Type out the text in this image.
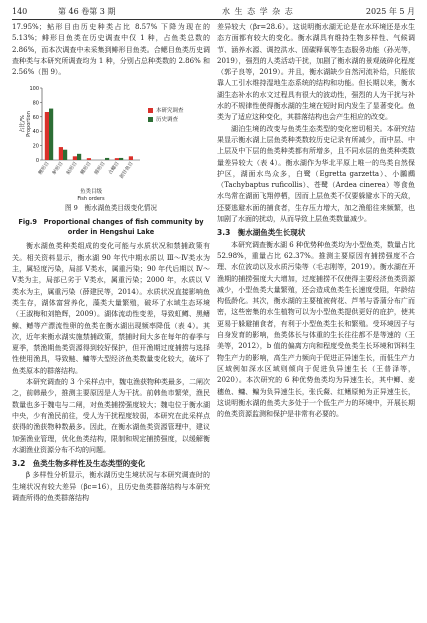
140	第 46 卷第 3 期	水 生 态 学 杂 志	2025 年 5 月

17.95%；鲇形目由历史种类占比 8.57% 下降为现在的 5.13%；鲱形目鱼类在历史调查中仅 1 种，占鱼类总数的 2.86%，而本次调查中未采集到鲱形目鱼类。合鳃目鱼类历史调查种类与本研究所调查均为 1 种，分别占总种类数的 2.86% 和 2.56%（图 9）。

0
20
40
60
80
100
占比/% Proportion
鲤形目 鲈形目 鲇形目 鳉形目 鲱形目 合鳃目
颌针鱼目
鱼类目级
Fish orders
本研究调查
历史调查
图 9　衡水湖鱼类目级变化情况
Fig.9　Proportional changes of fish community by order in Hengshui Lake

衡水湖鱼类种类组成的变化可能与水质状况和禁捕政策有关。相关资料显示，衡水湖 90 年代中期水质以 Ⅲ～Ⅳ类水为主，属轻度污染，局部 Ⅴ类水，属重污染；90 年代后期以 Ⅳ～Ⅴ类为主，局部已劣于 Ⅴ类水，属重污染；2000 年，水质以 Ⅴ类水为主，属重污染（薛建民等，2014）。水质状况直接影响鱼类生存，湖体富营养化，藻类大量繁殖，破坏了水域生态环境（王淑梅和刘艳辉，2009）。湖体流动性变差，导致虹鳟、黑鳍鳈、鳡等产漂流性卵的鱼类在衡水湖出现频率降低（表 4）。其次，近年来衡水湖实施禁捕政策，禁捕时间大多在每年的春季与夏季，禁渔期鱼类资源得到较好保护，但开渔期过度捕捞与选择性使用渔具，导致鲢、鳙等大型经济鱼类数量变化较大，破坏了鱼类原本的群落结构。

本研究调查的 3 个采样点中，魏屯渔获物种类最多，二闸次之，前韩最少，推测主要原因是人为干扰。前韩鱼市繁荣，渔民数量也多于魏屯与二闸，对鱼类捕捞强度较大；魏屯位于衡水湖中央，少有渔民前往，受人为干扰程度较弱，本研究在此采样点获得的渔获物种数最多。因此，在衡水湖鱼类资源管理中，建议加强渔业管理，优化鱼类结构，限制和规定捕捞强度，以缓解衡水湖渔业资源分布不均的问题。

3.2　鱼类生物多样性及生态类型的变化

β 多样性分析显示，衡水湖历史生境状况与本研究调查时的生境状况有较大差异（βc=16），且历史鱼类群落结构与本研究调查所得的鱼类群落结构

差异较大（βr=28.6）。这说明衡水湖无论是在水环境还是水生态方面都有较大的变化。衡水湖具有维持生物多样性、气候调节、涵养水源、调控洪水、固碳释氧等生态服务功能（孙光等，2019），强烈的人类活动干扰，加剧了衡水湖的景观破碎化程度（郭子良等，2019）。并且，衡水湖缺少自然河流补给，只能依靠人工引水维持湿地生态系统的结构和功能。但长期以来，衡水湖生态补水的水文过程具有很大的波动性，强烈的人为干扰与补水的不规律性使得衡水湖的生境在短时间内发生了显著变化。鱼类为了适应这种变化，其群落结构也会产生相应的改变。

湖泊生境的改变与鱼类生态类型的变化密切相关。本研究结果显示衡水湖上层鱼类种类数较历史记录有所减少，而中层、中上层及中下层的鱼类种类都有所增多，且不同水层的鱼类种类数量差异较大（表 4）。衡水湖作为华北平原上唯一的鸟类自然保护区，湖面水鸟众多，白鹭（Egretta garzetta）、小鸊鷉（Tachybaptus ruficollis）、苍鹭（Ardea cinerea）等食鱼水鸟常在湖面飞翔停栖，因而上层鱼类不仅要躲避水下的天敌，还要逃避水面的捕食者，生存压力增大，加之渔船往来频繁，也加剧了水面的扰动，从而导致上层鱼类数量减少。

3.3　衡水湖鱼类生长现状

本研究调查衡水湖 6 种优势种鱼类均为小型鱼类，数量占比 52.98%，重量占比 62.37%。推测主要原因有捕捞强度不合理、水位波动以及水质污染等（毛志刚等，2019）。衡水湖在开渔期的捕捞强度大大增加，过度捕捞不仅使得主要经济鱼类资源减少，小型鱼类大量繁殖，还会造成鱼类生长速度受阻，年龄结构低龄化。其次，衡水湖的主要植被荷花、芦苇与香蒲分布广而密，这些密集的水生植物可以为小型鱼类提供更好的庇护，使其更易于躲避捕食者，有利于小型鱼类生长和繁殖。受环境因子与自身发育的影响，鱼类体长与体重的生长往往都不是等速的（王美等，2012），b 值的偏离方向和程度受鱼类生长环境和饵料生物生产力的影响，高生产力频向于促进正异速生长，而低生产力区域例如深水区域则倾向于促进负异速生长（王普泽等，2020）。本次研究的 6 种优势鱼类均为异速生长，其中鲫、麦穗鱼、鳙、鳊为负异速生长，张氏䱗、红鳍原鲌为正异速生长，这说明衡水湖的鱼类大多处于一个低生产力的环境中，开展长期的鱼类资源监测和保护是非常有必要的。
